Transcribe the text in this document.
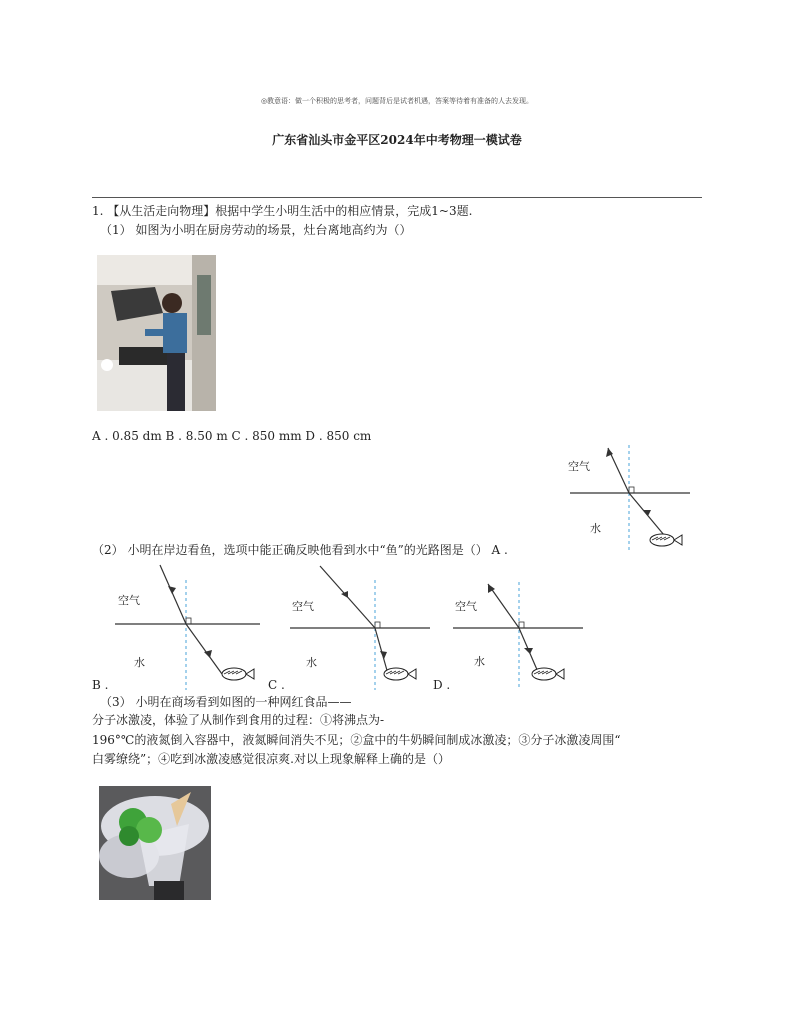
◎教意语：做一个积极的思考者，问题背后是试者机遇，答案等待着有准备的人去发现。
广东省汕头市金平区2024年中考物理一模试卷
1. 【从生活走向物理】根据中学生小明生活中的相应情景，完成1~3题.
（1） 如图为小明在厨房劳动的场景，灶台离地高约为（）
A . 0.85 dm B . 8.50 m C . 850 mm D . 850 cm
空气
水
（2） 小明在岸边看鱼，选项中能正确反映他看到水中“鱼”的光路图是（） A .
空气
水
空气
水
空气
水
B .	C .	D .
（3） 小明在商场看到如图的一种网红食品——
分子冰激凌，体验了从制作到食用的过程：①将沸点为-
196°℃的液氮倒入容器中，液氮瞬间消失不见；②盒中的牛奶瞬间制成冰激凌；③分子冰激凌周围“
白雾缭绕”；④吃到冰激凌感觉很凉爽.对以上现象解释上确的是（）
